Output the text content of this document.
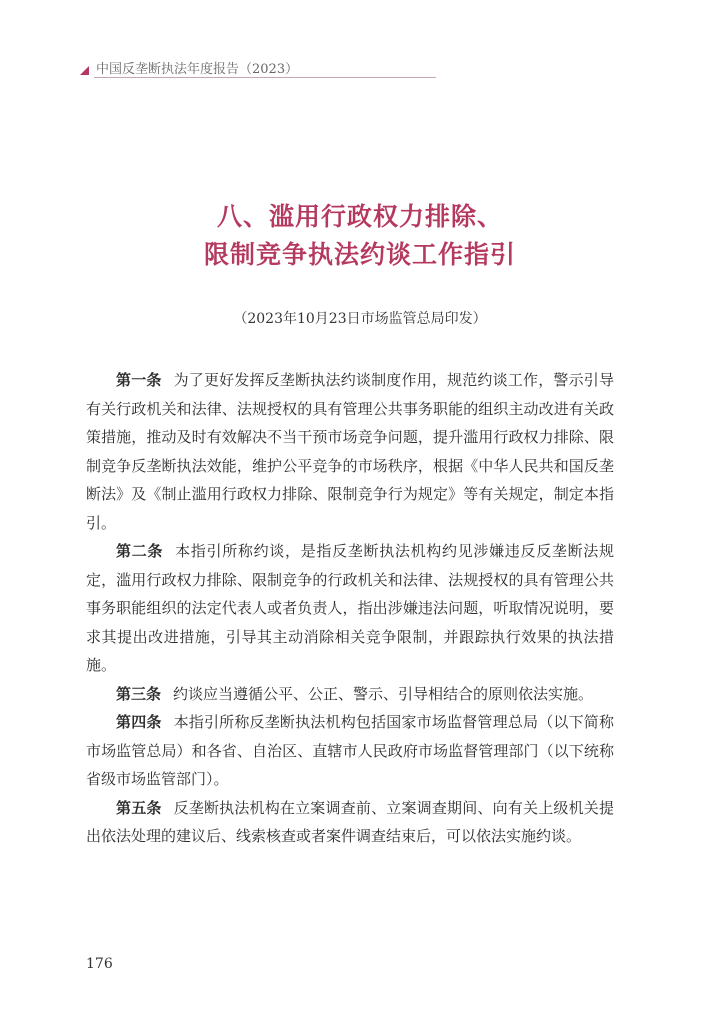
中国反垄断执法年度报告（2023）
八、滥用行政权力排除、
限制竞争执法约谈工作指引
（2023年10月23日市场监管总局印发）

第一条 为了更好发挥反垄断执法约谈制度作用，规范约谈工作，警示引导有关行政机关和法律、法规授权的具有管理公共事务职能的组织主动改进有关政策措施，推动及时有效解决不当干预市场竞争问题，提升滥用行政权力排除、限制竞争反垄断执法效能，维护公平竞争的市场秩序，根据《中华人民共和国反垄断法》及《制止滥用行政权力排除、限制竞争行为规定》等有关规定，制定本指引。

第二条 本指引所称约谈，是指反垄断执法机构约见涉嫌违反反垄断法规定，滥用行政权力排除、限制竞争的行政机关和法律、法规授权的具有管理公共事务职能组织的法定代表人或者负责人，指出涉嫌违法问题，听取情况说明，要求其提出改进措施，引导其主动消除相关竞争限制，并跟踪执行效果的执法措施。

第三条 约谈应当遵循公平、公正、警示、引导相结合的原则依法实施。

第四条 本指引所称反垄断执法机构包括国家市场监督管理总局（以下简称市场监管总局）和各省、自治区、直辖市人民政府市场监督管理部门（以下统称省级市场监管部门）。

第五条 反垄断执法机构在立案调查前、立案调查期间、向有关上级机关提出依法处理的建议后、线索核查或者案件调查结束后，可以依法实施约谈。

176
